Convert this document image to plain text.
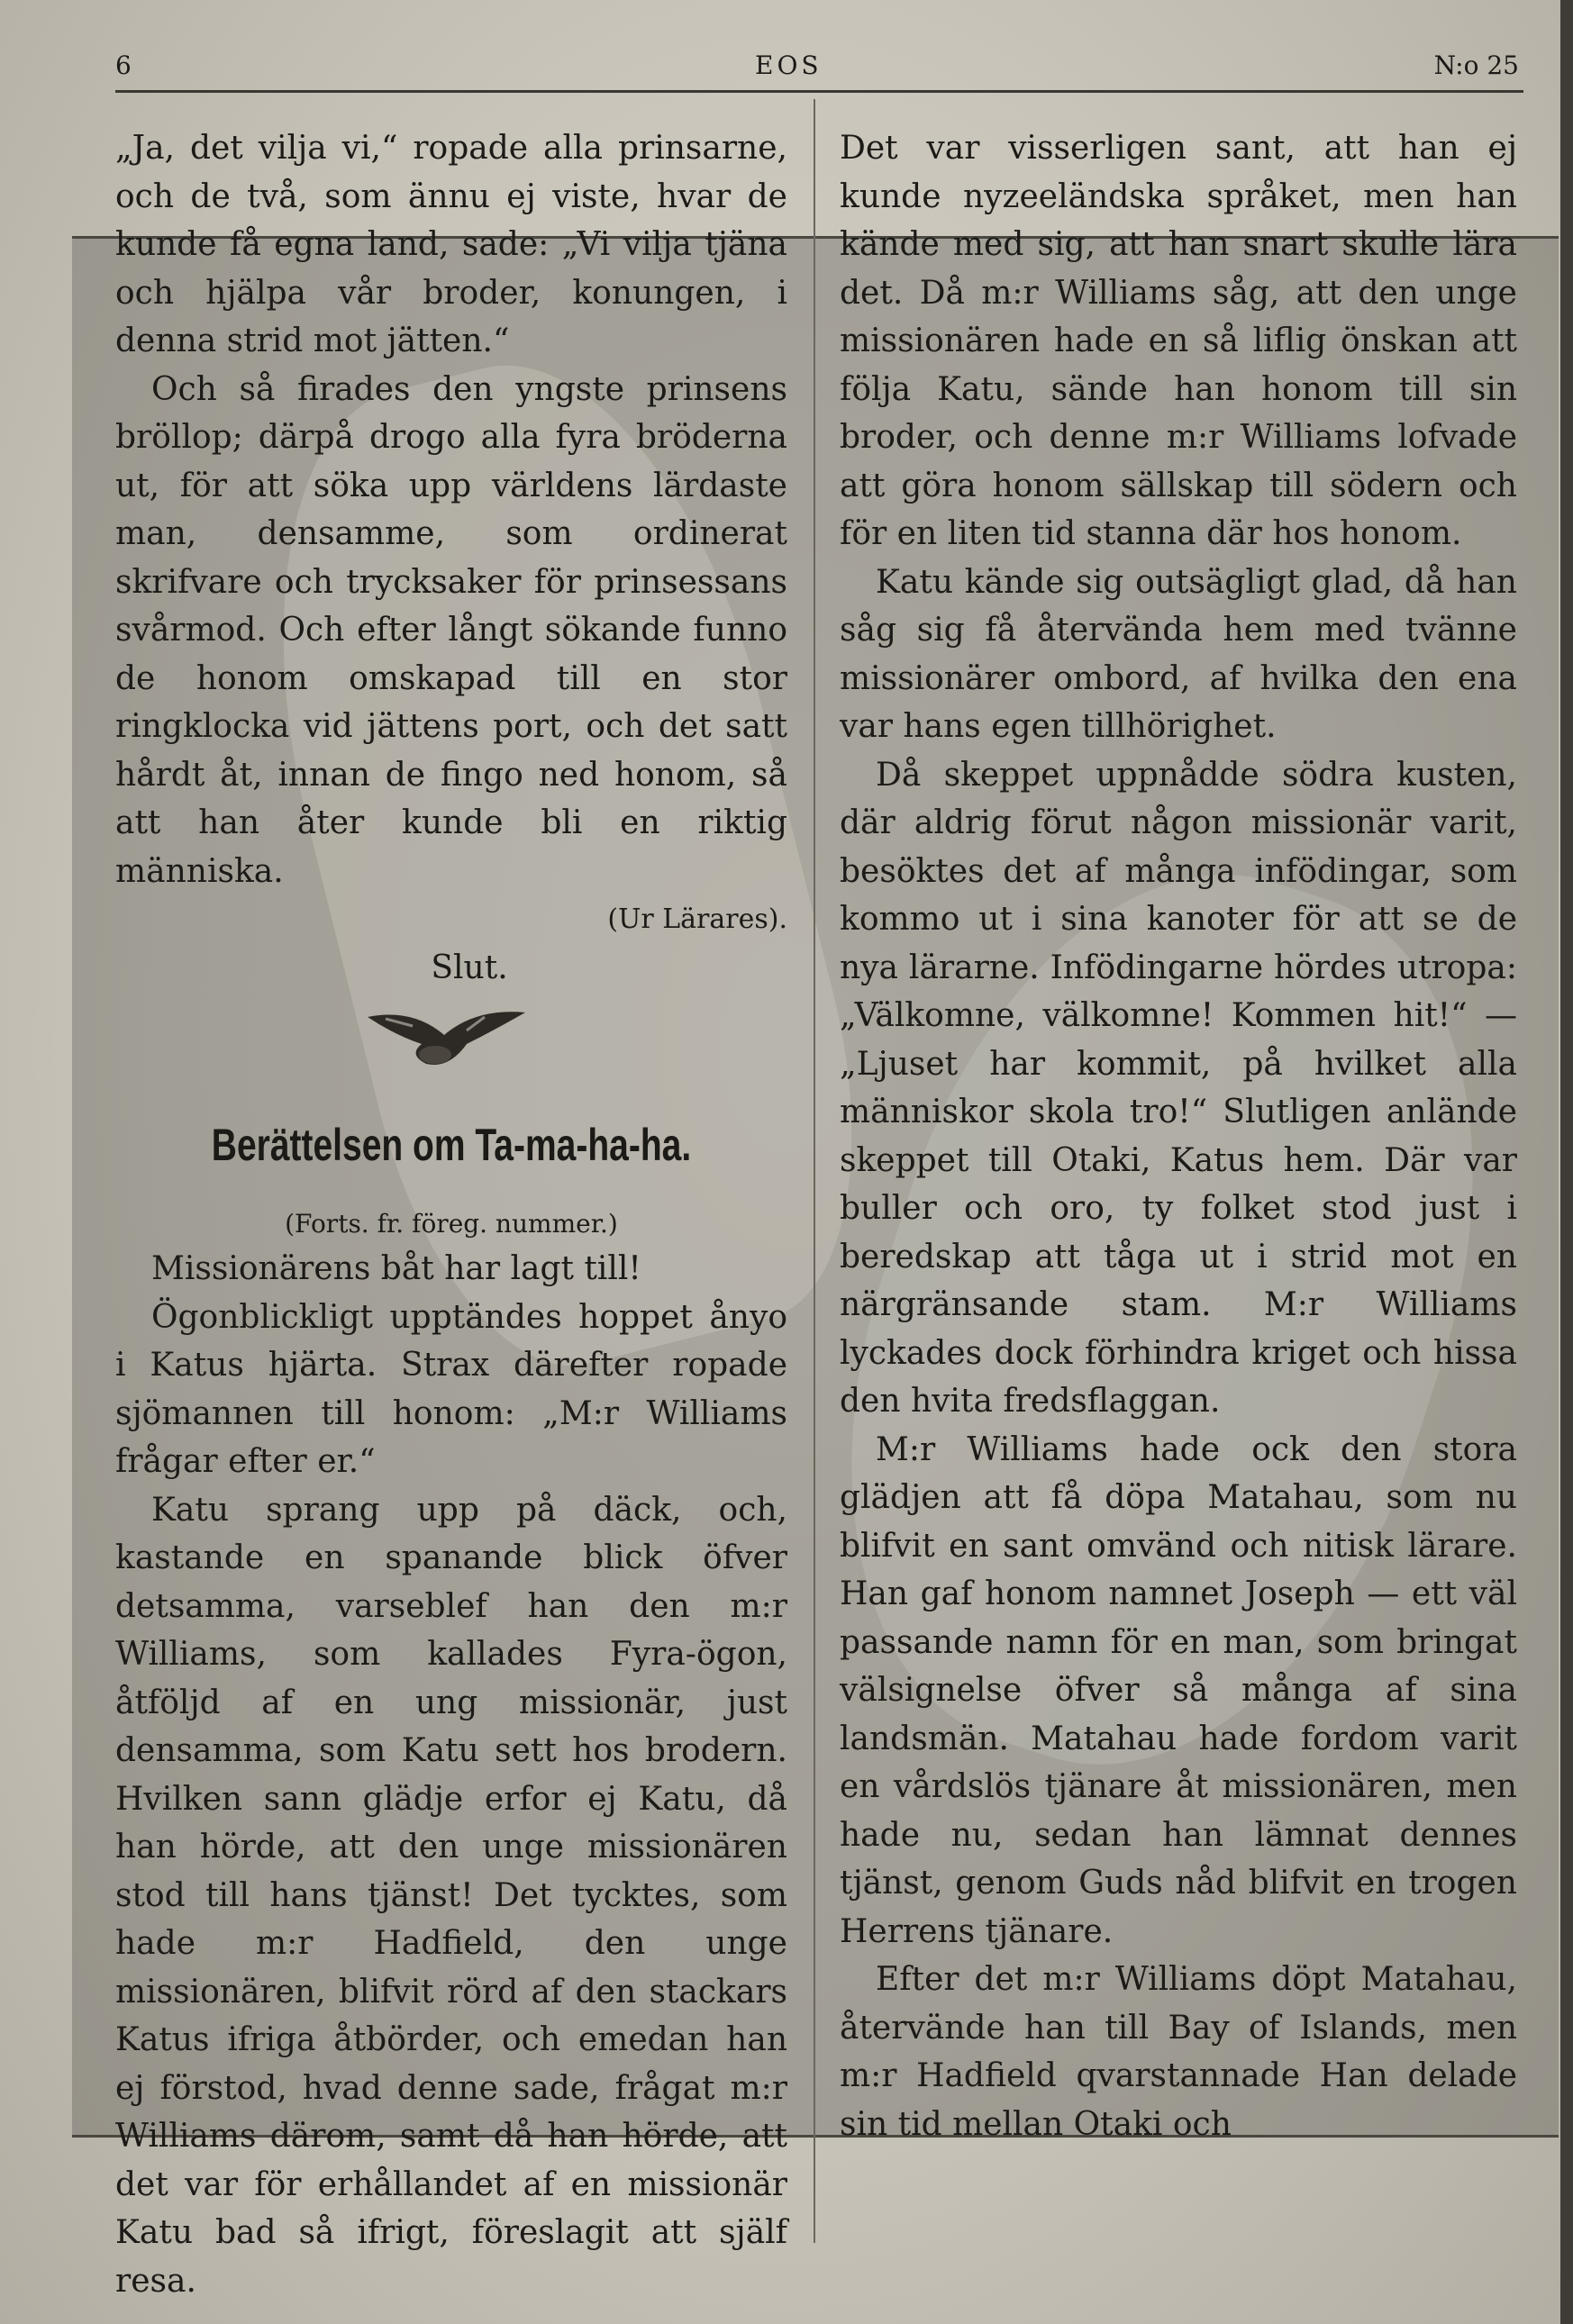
6	EOS	N:o 25

„Ja, det vilja vi,“ ropade alla prinsarne, och de två, som ännu ej viste, hvar de kunde få egna land, sade: „Vi vilja tjäna och hjälpa vår broder, konungen, i denna strid mot jätten.“

Och så firades den yngste prinsens bröllop; därpå drogo alla fyra bröderna ut, för att söka upp världens lärdaste man, densamme, som ordinerat skrifvare och trycksaker för prinsessans svårmod. Och efter långt sökande funno de honom omskapad till en stor ringklocka vid jättens port, och det satt hårdt åt, innan de fingo ned honom, så att han åter kunde bli en riktig människa.

(Ur Lärares).

Slut.

Berättelsen om Ta-ma-ha-ha.

(Forts. fr. föreg. nummer.)

Missionärens båt har lagt till!

Ögonblickligt upptändes hoppet ånyo i Katus hjärta. Strax därefter ropade sjömannen till honom: „M:r Williams frågar efter er.“

Katu sprang upp på däck, och, kastande en spanande blick öfver detsamma, varseblef han den m:r Williams, som kallades Fyra-ögon, åtföljd af en ung missionär, just densamma, som Katu sett hos brodern. Hvilken sann glädje erfor ej Katu, då han hörde, att den unge missionären stod till hans tjänst! Det tycktes, som hade m:r Hadfield, den unge missionären, blifvit rörd af den stackars Katus ifriga åtbörder, och emedan han ej förstod, hvad denne sade, frågat m:r Williams därom, samt då han hörde, att det var för erhållandet af en missionär Katu bad så ifrigt, föreslagit att själf resa.

Det var visserligen sant, att han ej kunde nyzeeländska språket, men han kände med sig, att han snart skulle lära det. Då m:r Williams såg, att den unge missionären hade en så liflig önskan att följa Katu, sände han honom till sin broder, och denne m:r Williams lofvade att göra honom sällskap till södern och för en liten tid stanna där hos honom.

Katu kände sig outsägligt glad, då han såg sig få återvända hem med tvänne missionärer ombord, af hvilka den ena var hans egen tillhörighet.

Då skeppet uppnådde södra kusten, där aldrig förut någon missionär varit, besöktes det af många infödingar, som kommo ut i sina kanoter för att se de nya lärarne. Infödingarne hördes utropa: „Välkomne, välkomne! Kommen hit!“ — „Ljuset har kommit, på hvilket alla människor skola tro!“ Slutligen anlände skeppet till Otaki, Katus hem. Där var buller och oro, ty folket stod just i beredskap att tåga ut i strid mot en närgränsande stam. M:r Williams lyckades dock förhindra kriget och hissa den hvita fredsflaggan.

M:r Williams hade ock den stora glädjen att få döpa Matahau, som nu blifvit en sant omvänd och nitisk lärare. Han gaf honom namnet Joseph — ett väl passande namn för en man, som bringat välsignelse öfver så många af sina landsmän. Matahau hade fordom varit en vårdslös tjänare åt missionären, men hade nu, sedan han lämnat dennes tjänst, genom Guds nåd blifvit en trogen Herrens tjänare.

Efter det m:r Williams döpt Matahau, återvände han till Bay of Islands, men m:r Hadfield qvarstannade Han delade sin tid mellan Otaki och
